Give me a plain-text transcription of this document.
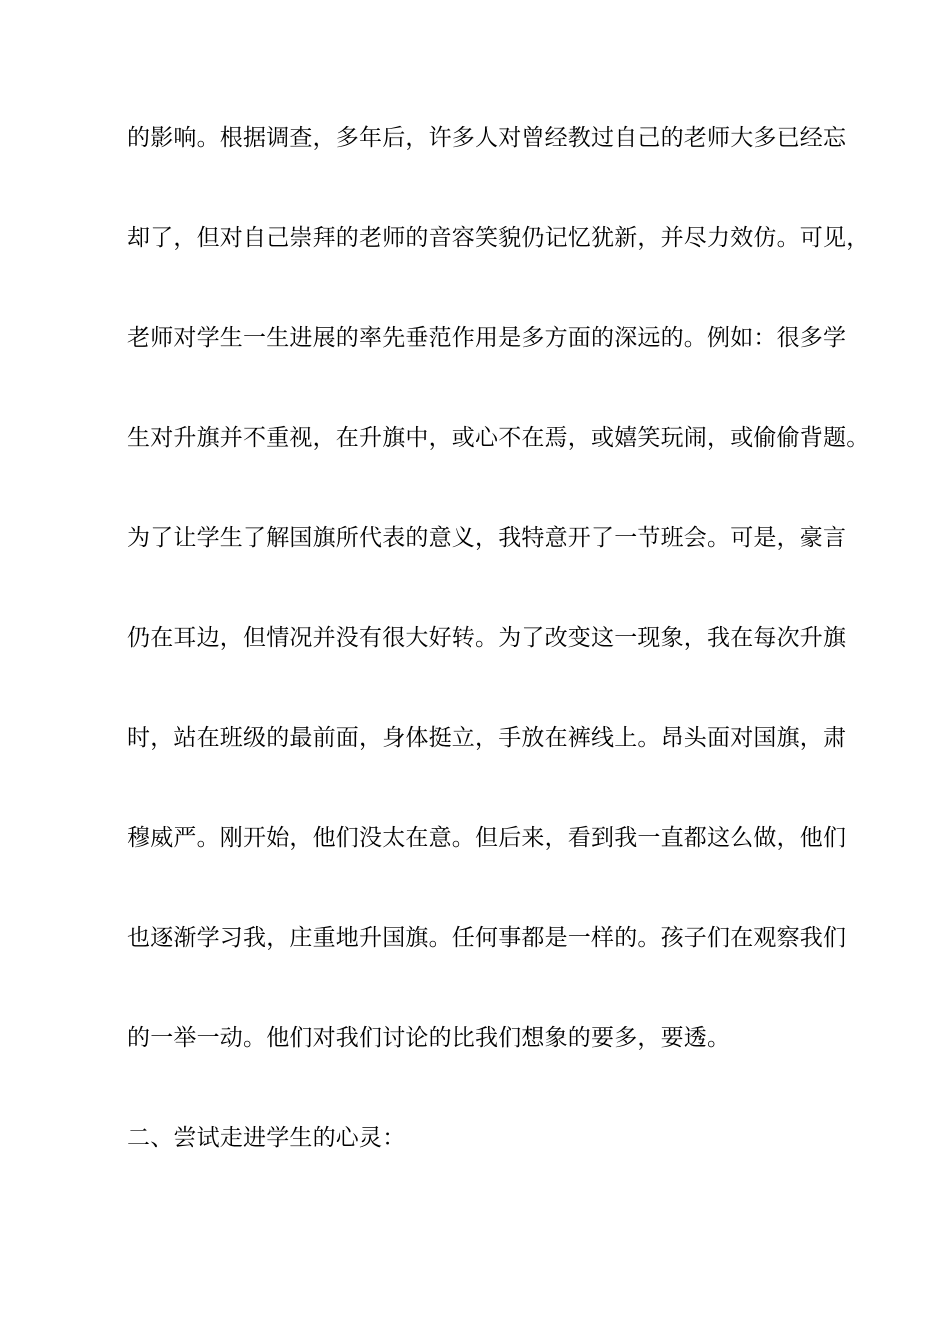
的影响。根据调查，多年后，许多人对曾经教过自己的老师大多已经忘
却了，但对自己崇拜的老师的音容笑貌仍记忆犹新，并尽力效仿。可见，
老师对学生一生进展的率先垂范作用是多方面的深远的。例如：很多学
生对升旗并不重视，在升旗中，或心不在焉，或嬉笑玩闹，或偷偷背题。
为了让学生了解国旗所代表的意义，我特意开了一节班会。可是，豪言
仍在耳边，但情况并没有很大好转。为了改变这一现象，我在每次升旗
时，站在班级的最前面，身体挺立，手放在裤线上。昂头面对国旗，肃
穆威严。刚开始，他们没太在意。但后来，看到我一直都这么做，他们
也逐渐学习我，庄重地升国旗。任何事都是一样的。孩子们在观察我们
的一举一动。他们对我们讨论的比我们想象的要多，要透。
二、尝试走进学生的心灵：
